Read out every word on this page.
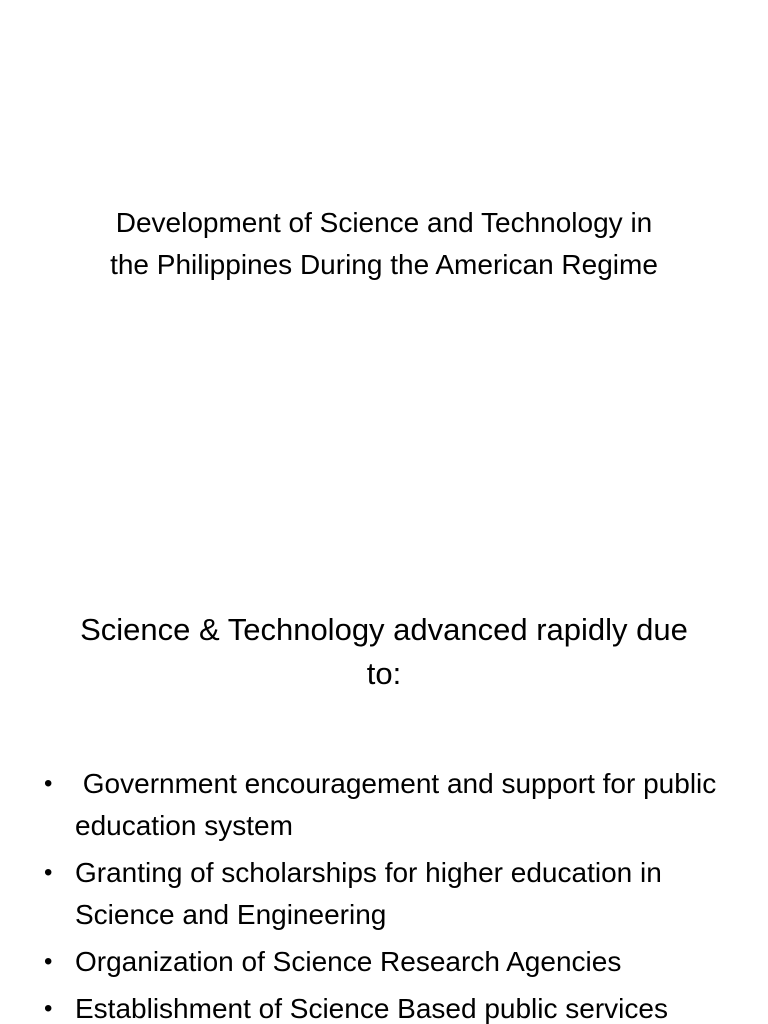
Development of Science and Technology in
the Philippines During the American Regime
Science & Technology advanced rapidly due
to:
• Government encouragement and support for public education system
• Granting of scholarships for higher education in Science and Engineering
• Organization of Science Research Agencies
• Establishment of Science Based public services
